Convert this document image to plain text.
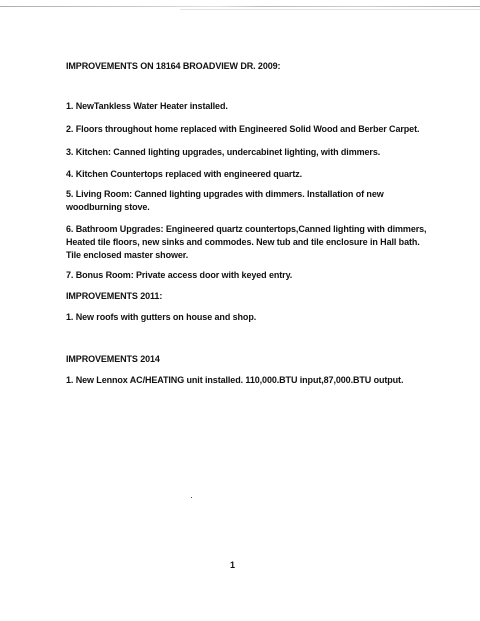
IMPROVEMENTS ON 18164 BROADVIEW DR. 2009:

1. NewTankless Water Heater installed.

2. Floors throughout home replaced with Engineered Solid Wood and Berber Carpet.

3. Kitchen: Canned lighting upgrades, undercabinet lighting, with dimmers.

4. Kitchen Countertops replaced with engineered quartz.

5. Living Room: Canned lighting upgrades with dimmers. Installation of new

woodburning stove.

6. Bathroom Upgrades: Engineered quartz countertops,Canned lighting with dimmers,

Heated tile floors, new sinks and commodes. New tub and tile enclosure in Hall bath.

Tile enclosed master shower.

7. Bonus Room: Private access door with keyed entry.

IMPROVEMENTS 2011:

1. New roofs with gutters on house and shop.

IMPROVEMENTS 2014

1. New Lennox AC/HEATING unit installed. 110,000.BTU input,87,000.BTU output.

1
